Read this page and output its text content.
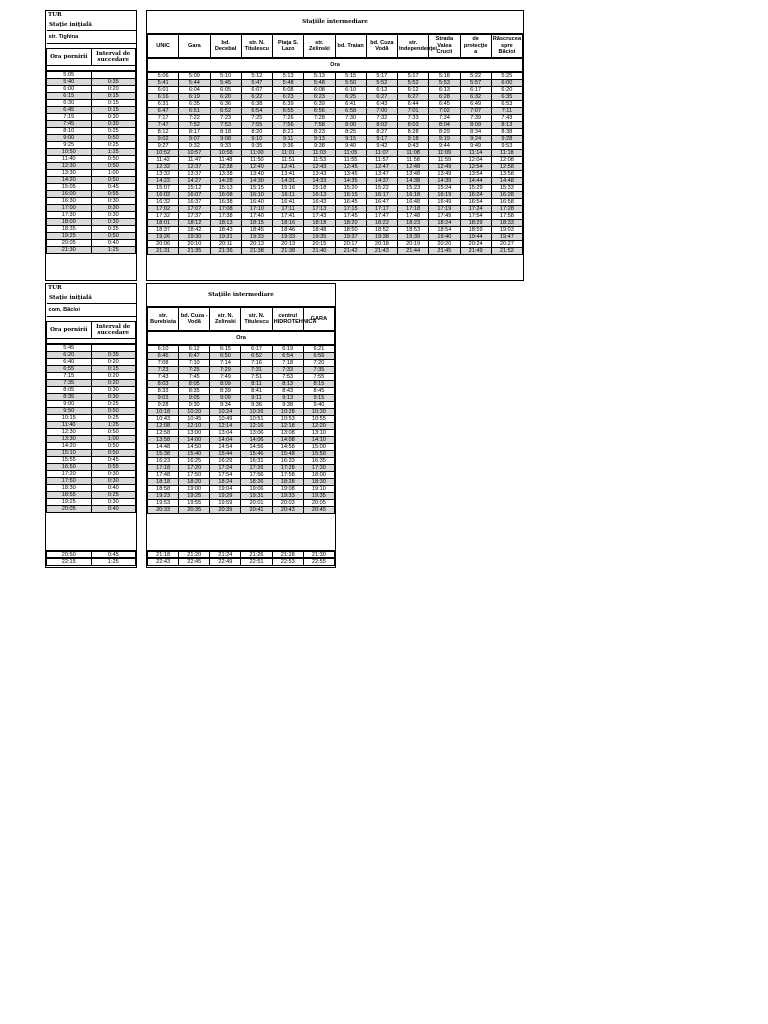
TUR
Staţie iniţială
str. Tighina

Ora pornirii	Interval de succedare

5:05	
5:40	0:35
6:00	0:20
6:15	0:15
6:30	0:15
6:45	0:15
7:15	0:30
7:45	0:30
8:10	0:25
9:00	0:50
9:25	0:25
10:50	1:25
11:40	0:50
12:30	0:50
13:30	1:00
14:20	0:50
15:05	0:45
16:00	0:55
16:30	0:30
17:00	0:30
17:30	0:30
18:00	0:30
18:35	0:35
19:25	0:50
20:05	0:40
21:30	1:25
Staţiile intermediare
UNIC	Gara	bd. Decebal	str. N. Titulescu	Piaţa S. Lazo	str. Zelinski	bd. Traian	bd. Cuza Vodă	str. Independenţei	Strada Valea Crucii	de protecţie a	Răscrucea spre Băcioi
Ora
5:06	5:09	5:10	5:12	5:13	5:13	5:15	5:17	5:17	5:18	5:22	5:25
5:41	5:44	5:45	5:47	5:48	5:48	5:50	5:52	5:52	5:53	5:57	6:00
6:01	6:04	6:05	6:07	6:08	6:08	6:10	6:12	6:12	6:13	6:17	6:20
6:16	6:19	6:20	6:22	6:23	6:23	6:25	6:27	6:27	6:28	6:32	6:35
6:31	6:35	6:36	6:38	6:39	6:39	6:41	6:43	6:44	6:45	6:49	6:53
6:47	6:51	6:52	6:54	6:55	6:56	6:58	7:00	7:01	7:02	7:07	7:11
7:17	7:22	7:23	7:25	7:26	7:28	7:30	7:32	7:33	7:34	7:39	7:43
7:47	7:52	7:53	7:55	7:56	7:58	8:00	8:02	8:03	8:04	8:09	8:13
8:12	8:17	8:18	8:20	8:21	8:23	8:25	8:27	8:28	8:29	8:34	8:38
9:02	9:07	9:08	9:10	9:11	9:13	9:15	9:17	9:18	9:19	9:24	9:28
9:27	9:32	9:33	9:35	9:36	9:38	9:40	9:42	9:43	9:44	9:49	9:53
10:52	10:57	10:58	11:00	11:01	11:03	11:05	11:07	11:08	11:09	11:14	11:18
11:42	11:47	11:48	11:50	11:51	11:53	11:55	11:57	11:58	11:59	12:04	12:08
12:32	12:37	12:38	12:40	12:41	12:43	12:45	12:47	12:48	12:49	12:54	12:58
13:32	13:37	13:38	13:40	13:41	13:43	13:45	13:47	13:48	13:49	13:54	13:58
14:22	14:27	14:28	14:30	14:31	14:33	14:35	14:37	14:38	14:39	14:44	14:48
15:07	15:12	15:13	15:15	15:16	15:18	15:20	15:22	15:23	15:24	15:29	15:33
16:02	16:07	16:08	16:10	16:11	16:13	16:15	16:17	16:18	16:19	16:24	16:28
16:32	16:37	16:38	16:40	16:41	16:43	16:45	16:47	16:48	16:49	16:54	16:58
17:02	17:07	17:08	17:10	17:11	17:13	17:15	17:17	17:18	17:19	17:24	17:28
17:32	17:37	17:38	17:40	17:41	17:43	17:45	17:47	17:48	17:49	17:54	17:58
18:01	18:12	18:13	18:15	18:16	18:18	18:20	18:22	18:23	18:24	18:29	18:33
18:37	18:42	18:43	18:45	18:46	18:48	18:50	18:52	18:53	18:54	18:59	19:03
19:26	19:30	19:31	19:33	19:33	19:35	19:37	19:38	19:39	19:40	19:44	19:47
20:06	20:10	20:11	20:13	20:13	20:15	20:17	20:18	20:19	20:20	20:24	20:27
21:31	21:35	21:36	21:38	21:38	21:40	21:42	21:43	21:44	21:45	21:49	21:52
TUR
Staţie iniţială
com. Băcioi

Ora pornirii	Interval de succedare

5:45	
6:20	0:35
6:40	0:20
6:55	0:15
7:15	0:20
7:35	0:20
8:05	0:30
8:35	0:30
9:00	0:25
9:50	0:50
10:15	0:25
11:40	1:25
12:30	0:50
13:30	1:00
14:20	0:50
15:10	0:50
15:55	0:45
16:50	0:55
17:20	0:30
17:50	0:30
18:30	0:40
18:55	0:25
19:25	0:30
20:05	0:40
Staţiile intermediare
str. Burebista	bd. Cuza - Vodă	str. N. Zelinski	str. N. Titulescu	centrul HIDROTEHNICA	GARA
Ora
6:10	6:12	6:15	6:17	6:19	6:21
6:45	6:47	6:50	6:52	6:54	6:56
7:08	7:10	7:14	7:16	7:18	7:20
7:23	7:25	7:29	7:31	7:33	7:35
7:43	7:45	7:49	7:51	7:53	7:55
8:03	8:05	8:09	8:11	8:13	8:15
8:33	8:35	8:39	8:41	8:43	8:45
9:03	9:05	9:09	9:11	9:13	9:15
9:28	9:30	9:34	9:36	9:38	9:40
10:18	10:20	10:24	10:26	10:28	10:30
10:43	10:45	10:49	10:51	10:53	10:55
12:08	12:10	12:14	12:16	12:18	12:20
12:58	13:00	13:04	13:06	13:08	13:10
13:58	14:00	14:04	14:06	14:08	14:10
14:48	14:50	14:54	14:56	14:58	15:00
15:38	15:40	15:44	15:46	15:48	15:50
16:23	16:25	16:29	16:31	16:33	16:35
17:18	17:20	17:24	17:26	17:28	17:30
17:48	17:50	17:54	17:56	17:58	18:00
18:18	18:20	18:24	18:26	18:28	18:30
18:58	19:00	19:04	19:06	19:08	19:10
19:23	19:25	19:29	19:31	19:33	19:35
19:53	19:55	19:59	20:01	20:03	20:05
20:33	20:35	20:39	20:41	20:43	20:45
20:50	0:45
22:15	1:25
21:18	21:20	21:24	21:26	21:28	21:30
22:43	22:45	22:49	22:51	22:53	22:55
